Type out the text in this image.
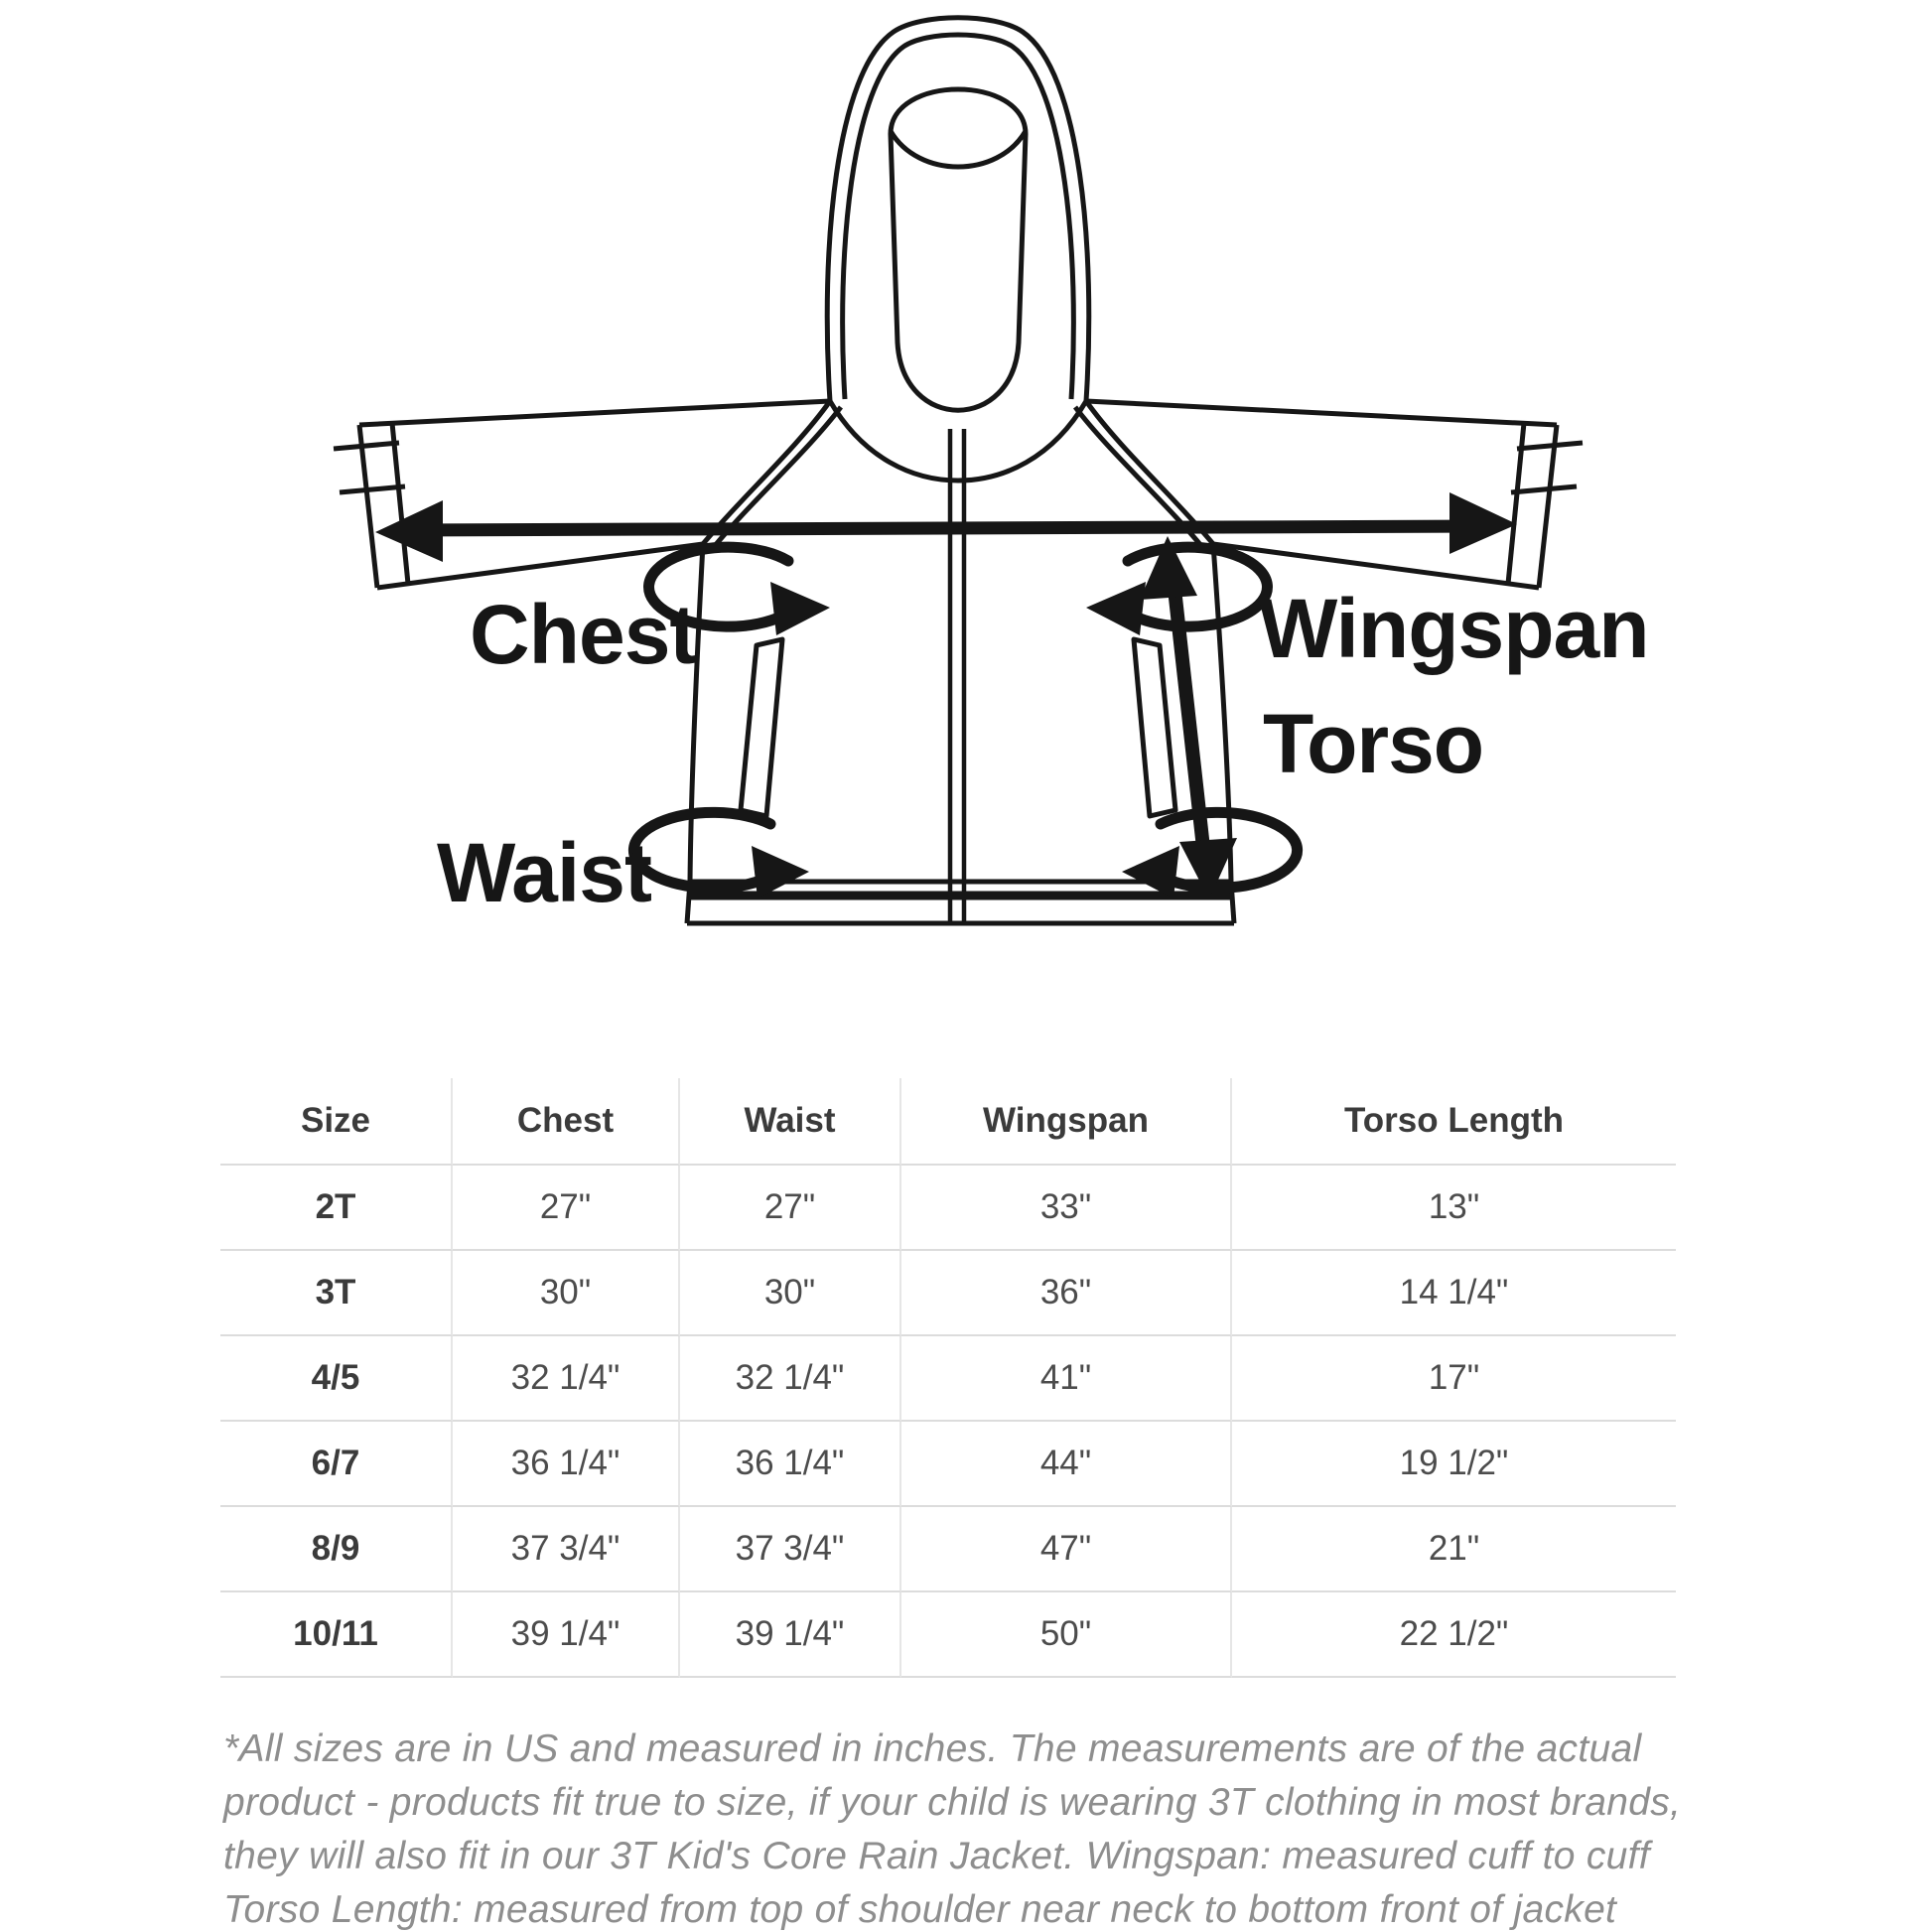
Chest	Wingspan
Torso
Waist
Size	Chest	Waist	Wingspan	Torso Length
2T	27"	27"	33"	13"
3T	30"	30"	36"	14 1/4"
4/5	32 1/4"	32 1/4"	41"	17"
6/7	36 1/4"	36 1/4"	44"	19 1/2"
8/9	37 3/4"	37 3/4"	47"	21"
10/11	39 1/4"	39 1/4"	50"	22 1/2"
*All sizes are in US and measured in inches. The measurements are of the actual
product - products fit true to size, if your child is wearing 3T clothing in most brands,
they will also fit in our 3T Kid's Core Rain Jacket. Wingspan: measured cuff to cuff
Torso Length: measured from top of shoulder near neck to bottom front of jacket
